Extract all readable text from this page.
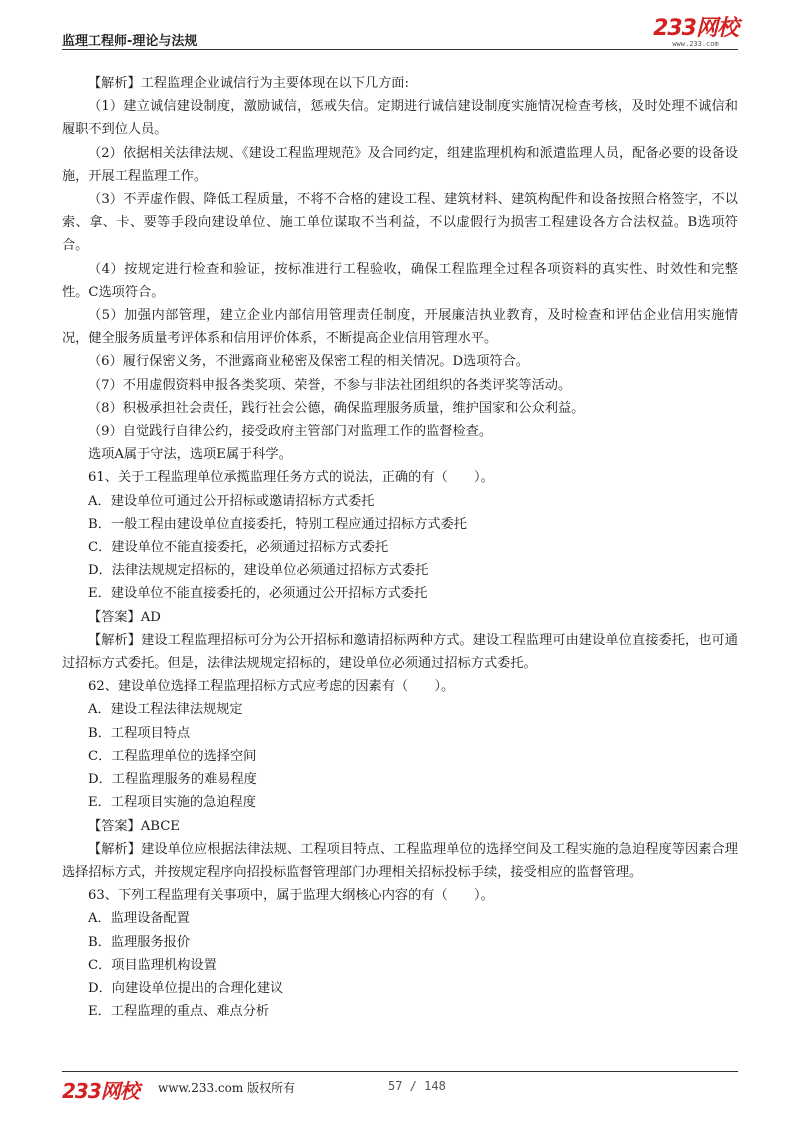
监理工程师-理论与法规
233网校
www.233.com

【解析】工程监理企业诚信行为主要体现在以下几方面:

（1）建立诚信建设制度，激励诚信，惩戒失信。定期进行诚信建设制度实施情况检查考核，及时处理不诚信和履职不到位人员。

（2）依据相关法律法规、《建设工程监理规范》及合同约定，组建监理机构和派遣监理人员，配备必要的设备设施，开展工程监理工作。

（3）不弄虚作假、降低工程质量，不将不合格的建设工程、建筑材料、建筑构配件和设备按照合格签字，不以索、拿、卡、要等手段向建设单位、施工单位谋取不当利益，不以虚假行为损害工程建设各方合法权益。B选项符合。

（4）按规定进行检查和验证，按标准进行工程验收，确保工程监理全过程各项资料的真实性、时效性和完整性。C选项符合。

（5）加强内部管理，建立企业内部信用管理责任制度，开展廉洁执业教育，及时检查和评估企业信用实施情况，健全服务质量考评体系和信用评价体系，不断提高企业信用管理水平。

（6）履行保密义务，不泄露商业秘密及保密工程的相关情况。D选项符合。

（7）不用虚假资料申报各类奖项、荣誉，不参与非法社团组织的各类评奖等活动。

（8）积极承担社会责任，践行社会公德，确保监理服务质量，维护国家和公众利益。

（9）自觉践行自律公约，接受政府主管部门对监理工作的监督检查。

选项A属于守法，选项E属于科学。

61、关于工程监理单位承揽监理任务方式的说法，正确的有（　　）。

A．建设单位可通过公开招标或邀请招标方式委托

B．一般工程由建设单位直接委托，特别工程应通过招标方式委托

C．建设单位不能直接委托，必须通过招标方式委托

D．法律法规规定招标的，建设单位必须通过招标方式委托

E．建设单位不能直接委托的，必须通过公开招标方式委托

【答案】AD

【解析】建设工程监理招标可分为公开招标和邀请招标两种方式。建设工程监理可由建设单位直接委托，也可通过招标方式委托。但是，法律法规规定招标的，建设单位必须通过招标方式委托。

62、建设单位选择工程监理招标方式应考虑的因素有（　　）。

A．建设工程法律法规规定

B．工程项目特点

C．工程监理单位的选择空间

D．工程监理服务的难易程度

E．工程项目实施的急迫程度

【答案】ABCE

【解析】建设单位应根据法律法规、工程项目特点、工程监理单位的选择空间及工程实施的急迫程度等因素合理选择招标方式，并按规定程序向招投标监督管理部门办理相关招标投标手续，接受相应的监督管理。

63、下列工程监理有关事项中，属于监理大纲核心内容的有（　　）。

A．监理设备配置

B．监理服务报价

C．项目监理机构设置

D．向建设单位提出的合理化建议

E．工程监理的重点、难点分析

233网校 www.233.com 版权所有	57 / 148
